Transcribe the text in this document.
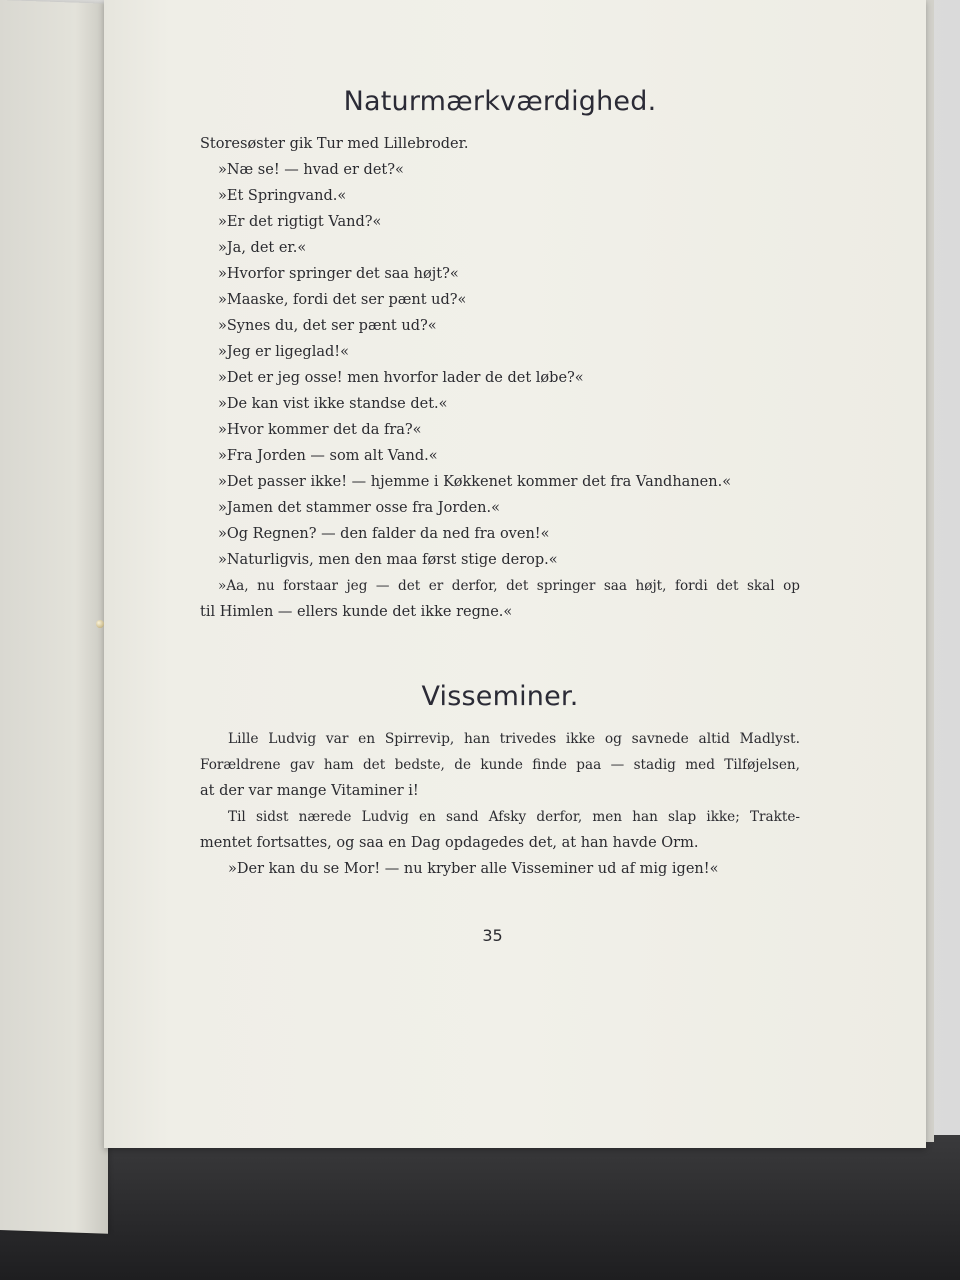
Naturmærkværdighed.

Storesøster gik Tur med Lillebroder.

»Næ se! — hvad er det?«

»Et Springvand.«

»Er det rigtigt Vand?«

»Ja, det er.«

»Hvorfor springer det saa højt?«

»Maaske, fordi det ser pænt ud?«

»Synes du, det ser pænt ud?«

»Jeg er ligeglad!«

»Det er jeg osse! men hvorfor lader de det løbe?«

»De kan vist ikke standse det.«

»Hvor kommer det da fra?«

»Fra Jorden — som alt Vand.«

»Det passer ikke! — hjemme i Køkkenet kommer det fra Vandhanen.«

»Jamen det stammer osse fra Jorden.«

»Og Regnen? — den falder da ned fra oven!«

»Naturligvis, men den maa først stige derop.«

»Aa, nu forstaar jeg — det er derfor, det springer saa højt, fordi det skal op

til Himlen — ellers kunde det ikke regne.«

Visseminer.

Lille Ludvig var en Spirrevip, han trivedes ikke og savnede altid Madlyst.

Forældrene gav ham det bedste, de kunde finde paa — stadig med Tilføjelsen,

at der var mange Vitaminer i!

Til sidst nærede Ludvig en sand Afsky derfor, men han slap ikke; Trakte-

mentet fortsattes, og saa en Dag opdagedes det, at han havde Orm.

»Der kan du se Mor! — nu kryber alle Visseminer ud af mig igen!«

35
